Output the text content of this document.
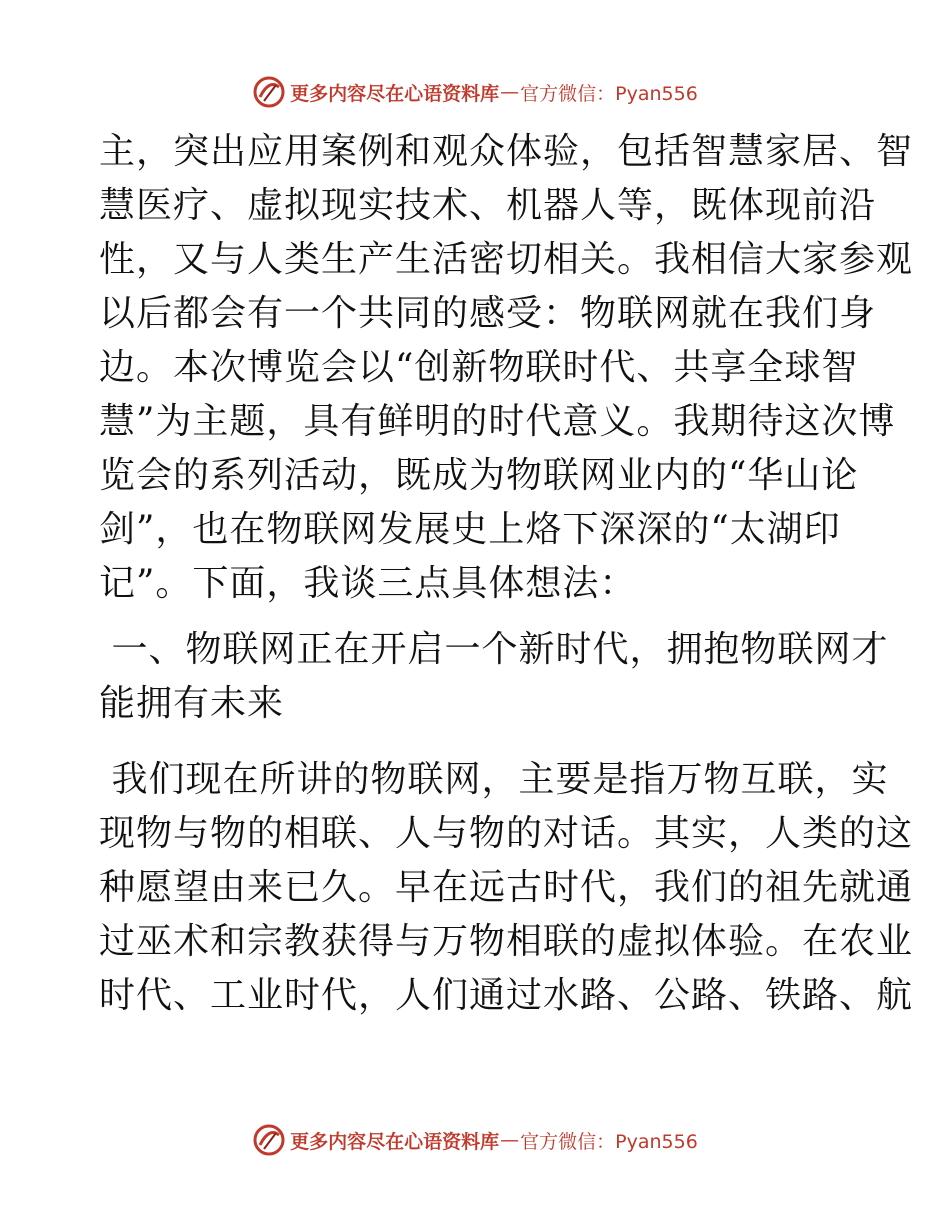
更多内容尽在心语资料库 — 官方微信：Pyan556
主，突出应用案例和观众体验，包括智慧家居、智
慧医疗、虚拟现实技术、机器人等，既体现前沿
性，又与人类生产生活密切相关。我相信大家参观
以后都会有一个共同的感受：物联网就在我们身
边。本次博览会以“创新物联时代、共享全球智
慧”为主题，具有鲜明的时代意义。我期待这次博
览会的系列活动，既成为物联网业内的“华山论
剑”，也在物联网发展史上烙下深深的“太湖印
记”。下面，我谈三点具体想法：
一、物联网正在开启一个新时代，拥抱物联网才
能拥有未来
我们现在所讲的物联网，主要是指万物互联，实
现物与物的相联、人与物的对话。其实，人类的这
种愿望由来已久。早在远古时代，我们的祖先就通
过巫术和宗教获得与万物相联的虚拟体验。在农业
时代、工业时代，人们通过水路、公路、铁路、航
更多内容尽在心语资料库 — 官方微信：Pyan556
